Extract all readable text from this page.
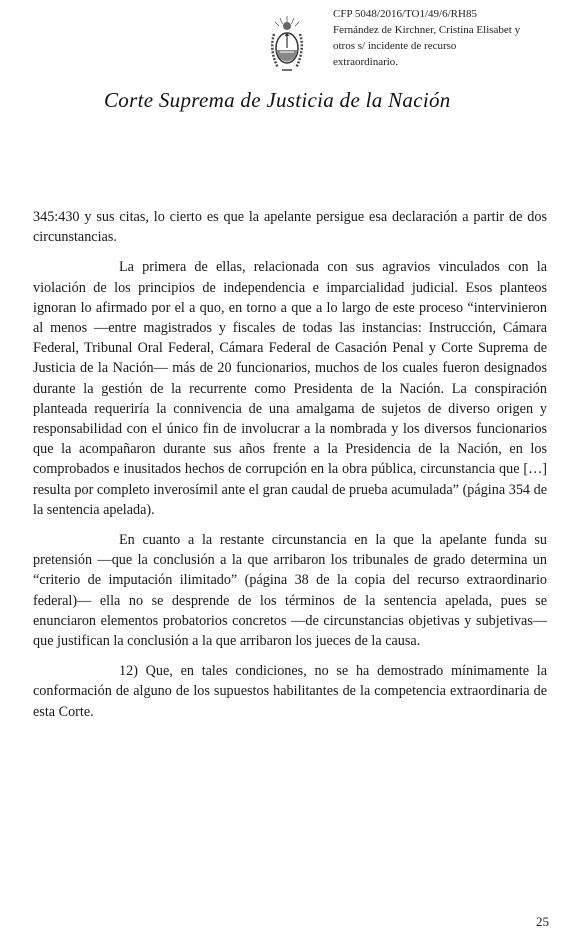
CFP 5048/2016/TO1/49/6/RH85
Fernández de Kirchner, Cristina Elisabet y
otros s/ incidente de recurso
extraordinario.
Corte Suprema de Justicia de la Nación

345:430 y sus citas, lo cierto es que la apelante persigue esa declaración a partir de dos circunstancias.

La primera de ellas, relacionada con sus agravios vinculados con la violación de los principios de independencia e imparcialidad judicial. Esos planteos ignoran lo afirmado por el a quo, en torno a que a lo largo de este proceso “intervinieron al menos —entre magistrados y fiscales de todas las instancias: Instrucción, Cámara Federal, Tribunal Oral Federal, Cámara Federal de Casación Penal y Corte Suprema de Justicia de la Nación— más de 20 funcionarios, muchos de los cuales fueron designados durante la gestión de la recurrente como Presidenta de la Nación. La conspiración planteada requeriría la connivencia de una amalgama de sujetos de diverso origen y responsabilidad con el único fin de involucrar a la nombrada y los diversos funcionarios que la acompañaron durante sus años frente a la Presidencia de la Nación, en los comprobados e inusitados hechos de corrupción en la obra pública, circunstancia que […] resulta por completo inverosímil ante el gran caudal de prueba acumulada” (página 354 de la sentencia apelada).

En cuanto a la restante circunstancia en la que la apelante funda su pretensión —que la conclusión a la que arribaron los tribunales de grado determina un “criterio de imputación ilimitado” (página 38 de la copia del recurso extraordinario federal)— ella no se desprende de los términos de la sentencia apelada, pues se enunciaron elementos probatorios concretos —de circunstancias objetivas y subjetivas— que justifican la conclusión a la que arribaron los jueces de la causa.

12) Que, en tales condiciones, no se ha demostrado mínimamente la conformación de alguno de los supuestos habilitantes de la competencia extraordinaria de esta Corte.

25
